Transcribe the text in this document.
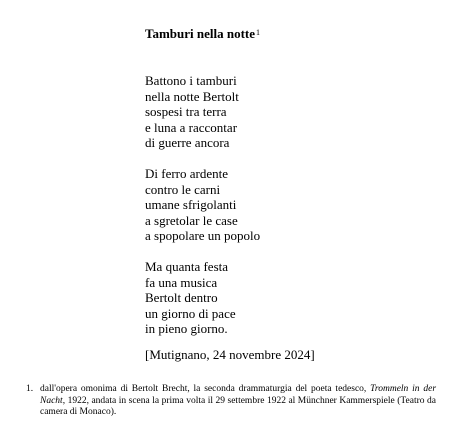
Tamburi nella notte$^1$
Battono i tamburi
nella notte Bertolt
sospesi tra terra
e luna a raccontar
di guerre ancora
Di ferro ardente
contro le carni
umane sfrigolanti
a sgretolar le case
a spopolare un popolo
Ma quanta festa
fa una musica
Bertolt dentro
un giorno di pace
in pieno giorno.
[Mutignano, 24 novembre 2024]
1. dall'opera omonima di Bertolt Brecht, la seconda drammaturgia del poeta tedesco, Trommeln in der Nacht, 1922, andata in scena la prima volta il 29 settembre 1922 al Münchner Kammerspiele (Teatro da camera di Monaco).
